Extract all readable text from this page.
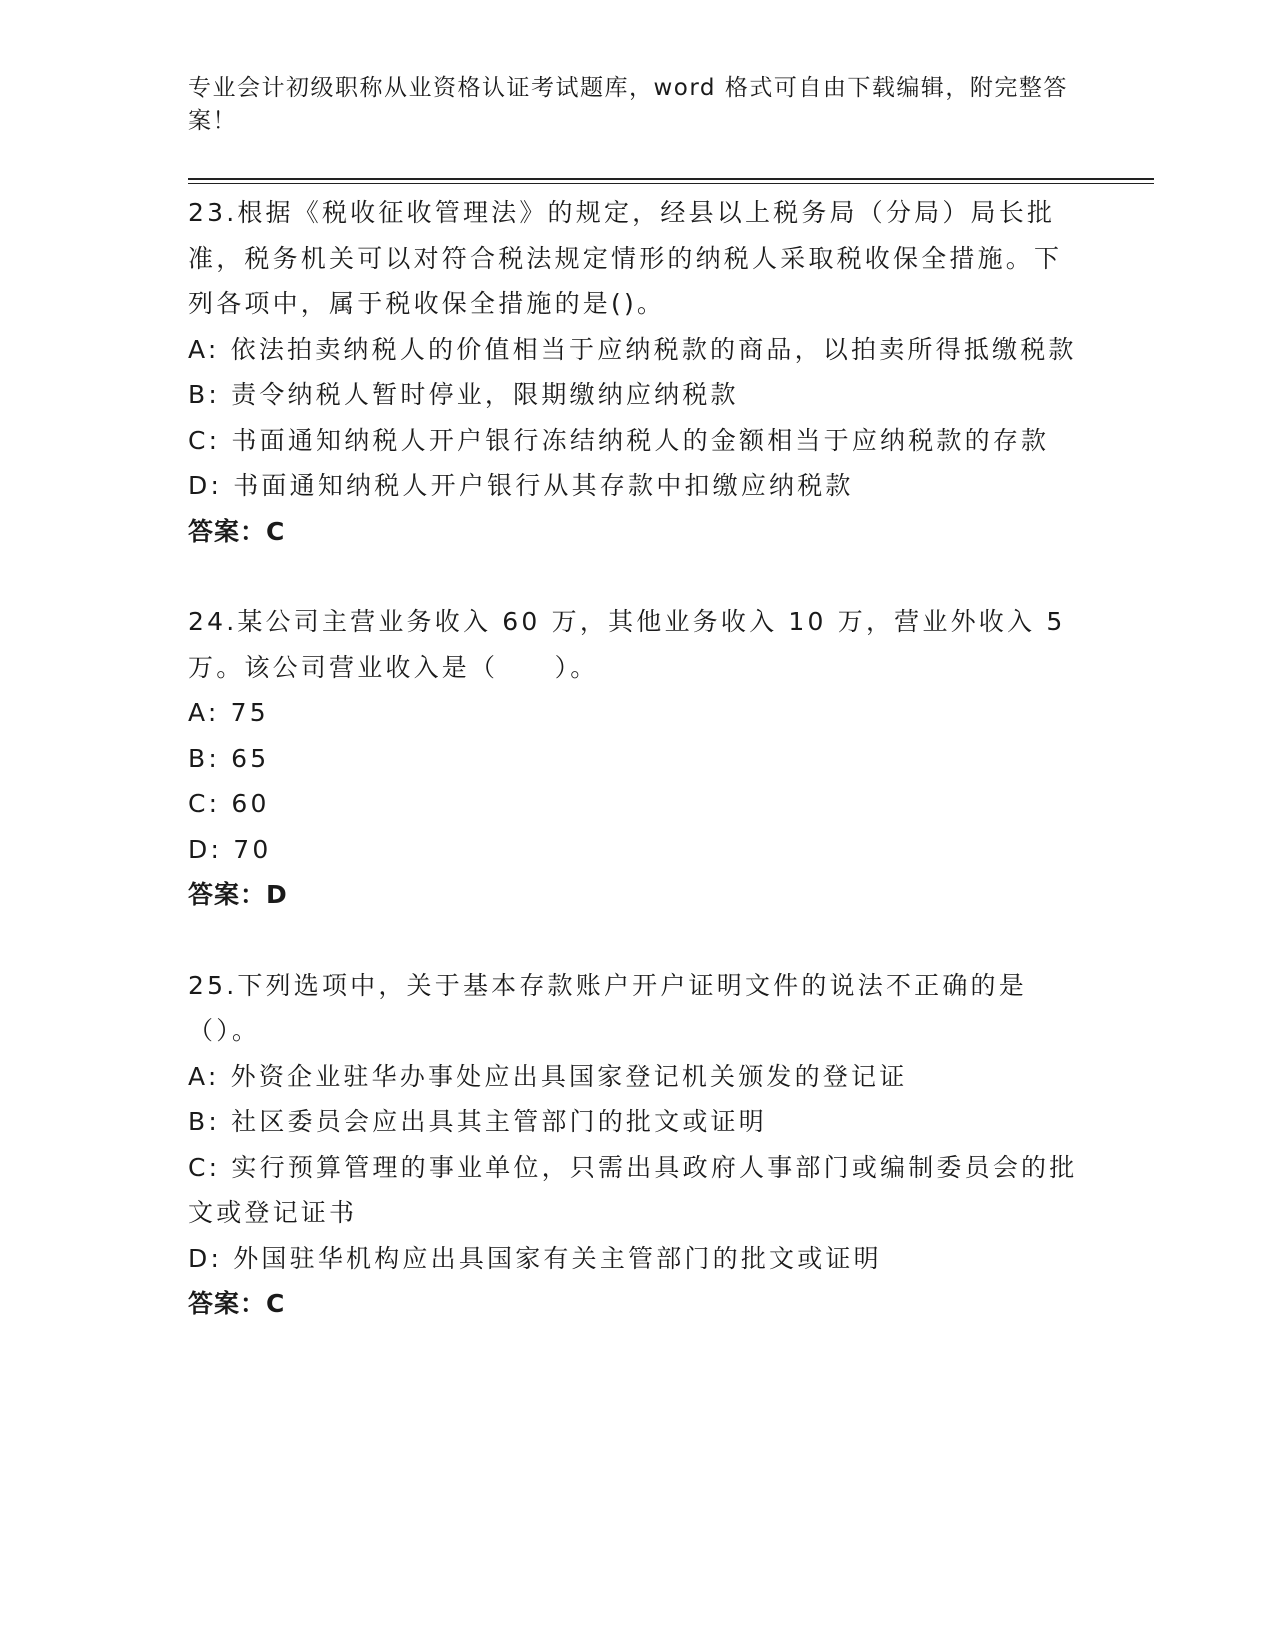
专业会计初级职称从业资格认证考试题库，word 格式可自由下载编辑，附完整答案！

23.根据《税收征收管理法》的规定，经县以上税务局（分局）局长批准，税务机关可以对符合税法规定情形的纳税人采取税收保全措施。下列各项中，属于税收保全措施的是()。

A: 依法拍卖纳税人的价值相当于应纳税款的商品，以拍卖所得抵缴税款

B: 责令纳税人暂时停业，限期缴纳应纳税款

C: 书面通知纳税人开户银行冻结纳税人的金额相当于应纳税款的存款

D: 书面通知纳税人开户银行从其存款中扣缴应纳税款

答案：C

24.某公司主营业务收入 60 万，其他业务收入 10 万，营业外收入 5 万。该公司营业收入是（　　）。

A: 75

B: 65

C: 60

D: 70

答案：D

25.下列选项中，关于基本存款账户开户证明文件的说法不正确的是（）。

A: 外资企业驻华办事处应出具国家登记机关颁发的登记证

B: 社区委员会应出具其主管部门的批文或证明

C: 实行预算管理的事业单位，只需出具政府人事部门或编制委员会的批文或登记证书

D: 外国驻华机构应出具国家有关主管部门的批文或证明

答案：C
